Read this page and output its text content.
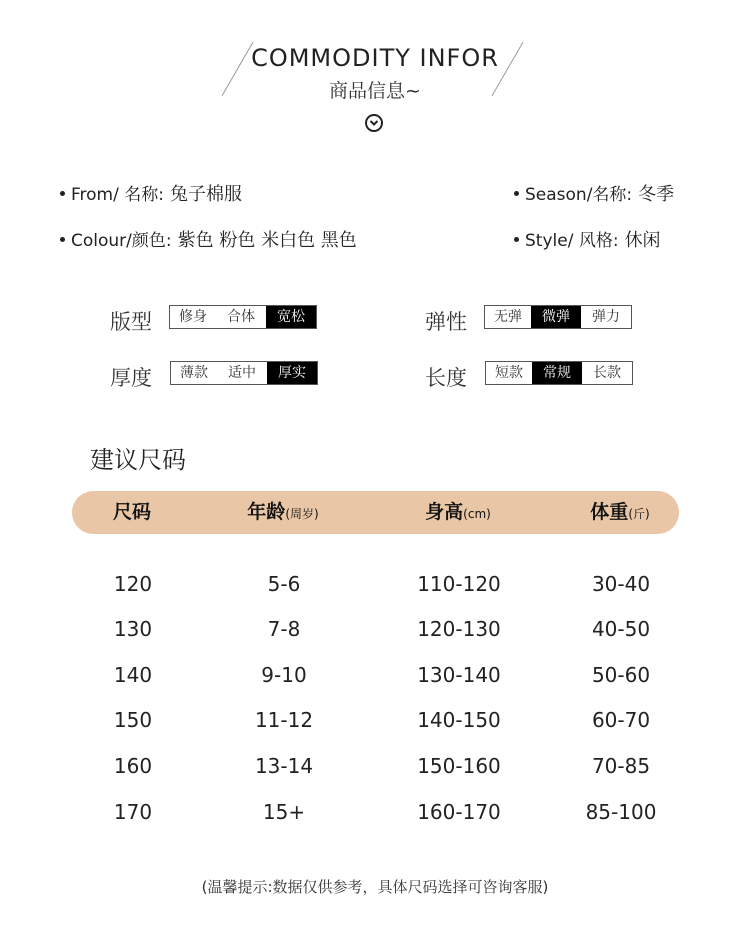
COMMODITY INFOR
商品信息~
From/ 名称: 兔子棉服	Season/名称: 冬季
Colour/颜色: 紫色 粉色 米白色 黑色	Style/ 风格: 休闲
版型	修身	合体	宽松	弹性	无弹	微弹	弹力
厚度	薄款	适中	厚实	长度	短款	常规	长款
建议尺码
尺码	年龄(周岁)	身高(cm)	体重(斤)
120	5-6	110-120	30-40
130	7-8	120-130	40-50
140	9-10	130-140	50-60
150	11-12	140-150	60-70
160	13-14	150-160	70-85
170	15+	160-170	85-100
(温馨提示:数据仅供参考，具体尺码选择可咨询客服)
